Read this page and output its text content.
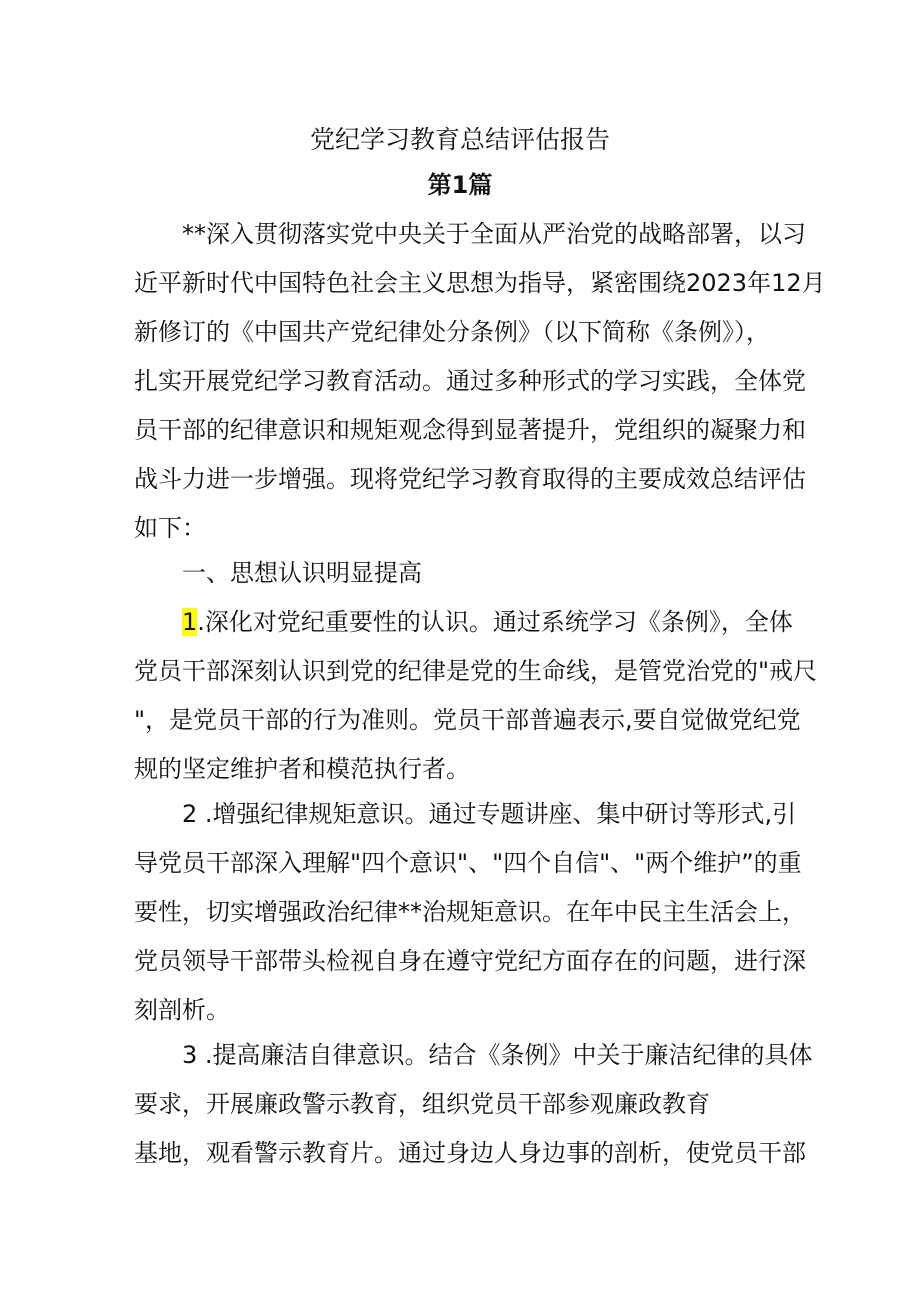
党纪学习教育总结评估报告
第1篇
**深入贯彻落实党中央关于全面从严治党的战略部署，以习
近平新时代中国特色社会主义思想为指导，紧密围绕2023年12月
新修订的《中国共产党纪律处分条例》（以下简称《条例》），
扎实开展党纪学习教育活动。通过多种形式的学习实践，全体党
员干部的纪律意识和规矩观念得到显著提升，党组织的凝聚力和
战斗力进一步增强。现将党纪学习教育取得的主要成效总结评估
如下：
一、思想认识明显提高
1.深化对党纪重要性的认识。通过系统学习《条例》，全体
党员干部深刻认识到党的纪律是党的生命线，是管党治党的"戒尺
"，是党员干部的行为准则。党员干部普遍表示,要自觉做党纪党
规的坚定维护者和模范执行者。
2 .增强纪律规矩意识。通过专题讲座、集中研讨等形式,引
导党员干部深入理解"四个意识"、"四个自信"、"两个维护”的重
要性，切实增强政治纪律**治规矩意识。在年中民主生活会上，
党员领导干部带头检视自身在遵守党纪方面存在的问题，进行深
刻剖析。
3 .提高廉洁自律意识。结合《条例》中关于廉洁纪律的具体
要求，开展廉政警示教育，组织党员干部参观廉政教育
基地，观看警示教育片。通过身边人身边事的剖析，使党员干部
